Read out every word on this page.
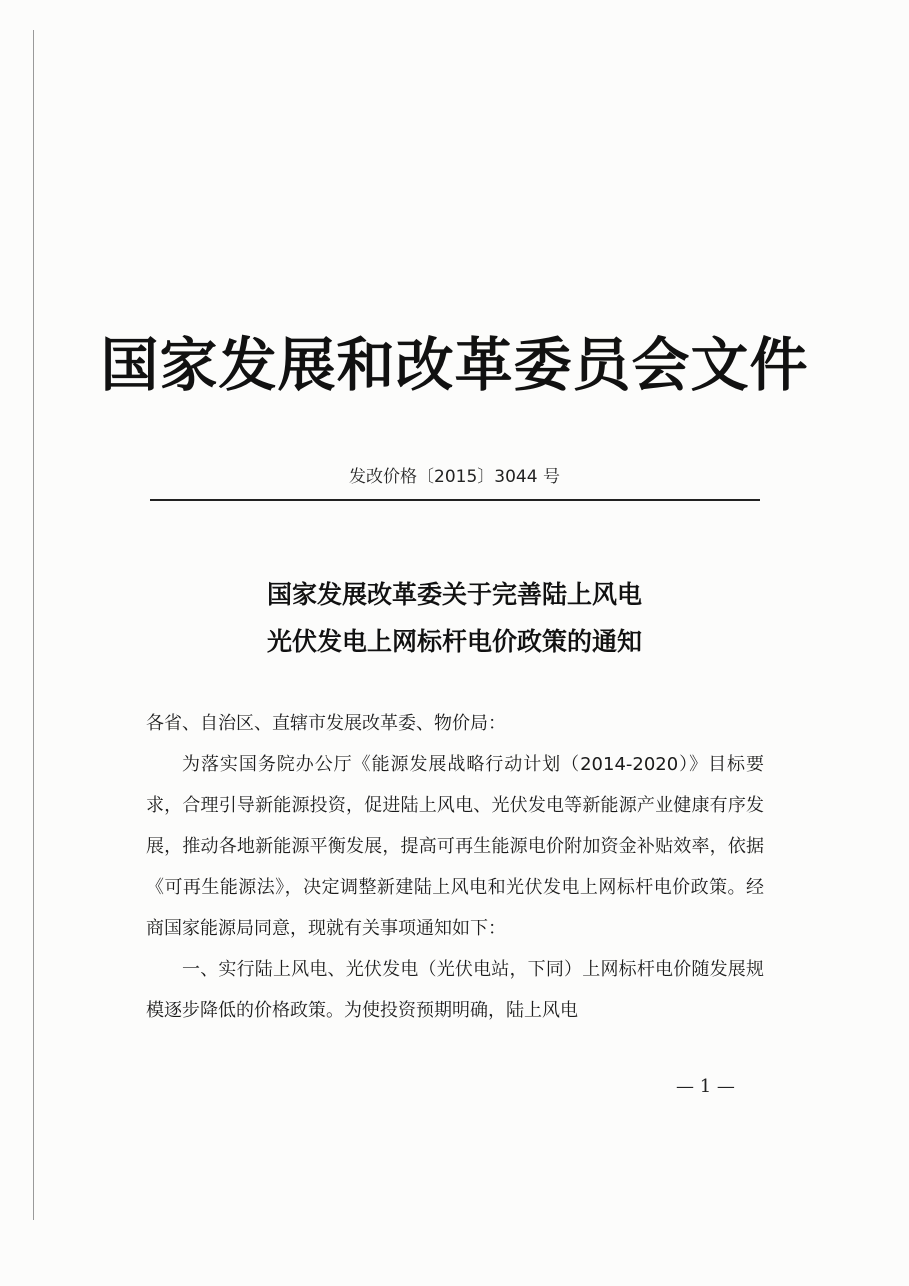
国家发展和改革委员会文件
发改价格〔2015〕3044 号
国家发展改革委关于完善陆上风电
光伏发电上网标杆电价政策的通知

各省、自治区、直辖市发展改革委、物价局：

为落实国务院办公厅《能源发展战略行动计划（2014-2020）》目标要求，合理引导新能源投资，促进陆上风电、光伏发电等新能源产业健康有序发展，推动各地新能源平衡发展，提高可再生能源电价附加资金补贴效率，依据《可再生能源法》，决定调整新建陆上风电和光伏发电上网标杆电价政策。经商国家能源局同意，现就有关事项通知如下：

一、实行陆上风电、光伏发电（光伏电站，下同）上网标杆电价随发展规模逐步降低的价格政策。为使投资预期明确，陆上风电

— 1 —
